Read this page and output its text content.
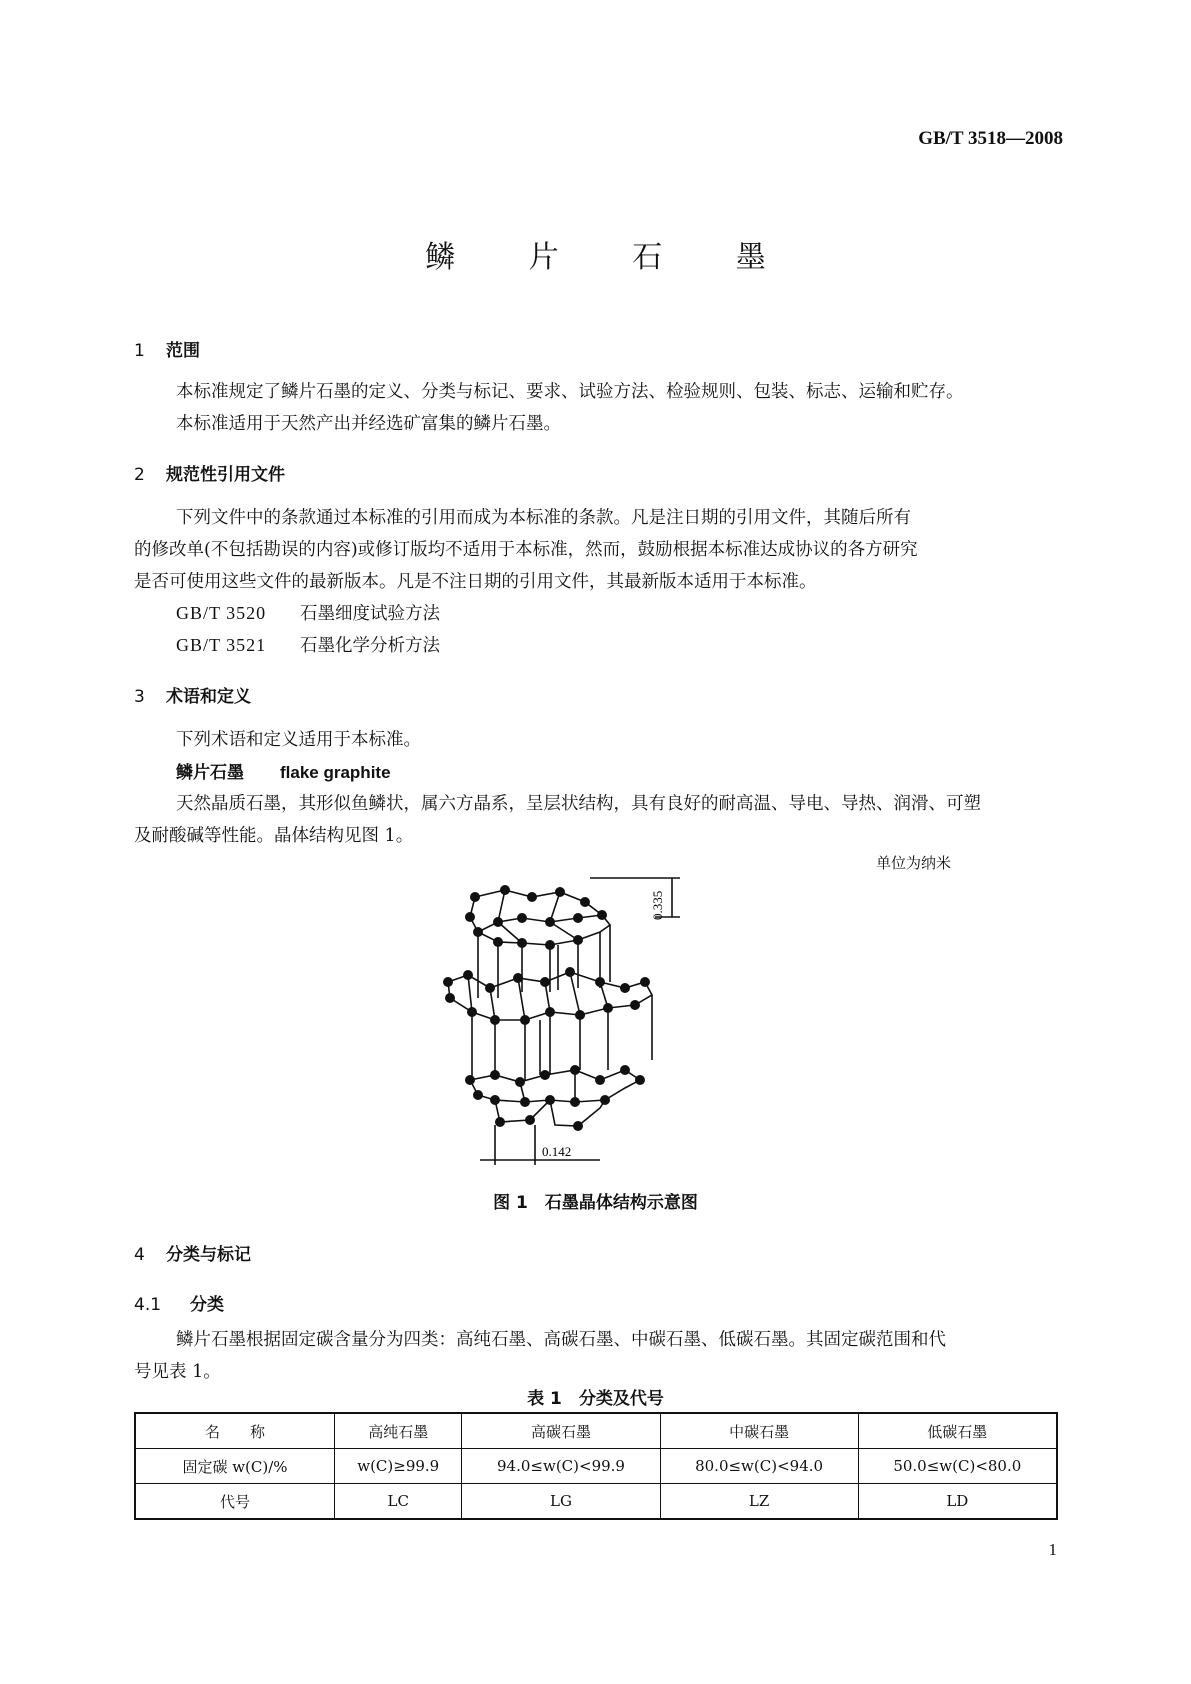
GB/T 3518—2008
鳞 片 石 墨
1 范围
本标准规定了鳞片石墨的定义、分类与标记、要求、试验方法、检验规则、包装、标志、运输和贮存。
本标准适用于天然产出并经选矿富集的鳞片石墨。
2 规范性引用文件
下列文件中的条款通过本标准的引用而成为本标准的条款。凡是注日期的引用文件，其随后所有
的修改单(不包括勘误的内容)或修订版均不适用于本标准，然而，鼓励根据本标准达成协议的各方研究
是否可使用这些文件的最新版本。凡是不注日期的引用文件，其最新版本适用于本标准。
GB/T 3520 石墨细度试验方法
GB/T 3521 石墨化学分析方法
3 术语和定义
下列术语和定义适用于本标准。
鳞片石墨 flake graphite
天然晶质石墨，其形似鱼鳞状，属六方晶系，呈层状结构，具有良好的耐高温、导电、导热、润滑、可塑
及耐酸碱等性能。晶体结构见图 1。
单位为纳米
0.335
0.142
图 1　石墨晶体结构示意图
4 分类与标记
4.1 分类
鳞片石墨根据固定碳含量分为四类：高纯石墨、高碳石墨、中碳石墨、低碳石墨。其固定碳范围和代
号见表 1。
表 1　分类及代号
名　　称	高纯石墨	高碳石墨	中碳石墨	低碳石墨
固定碳 w(C)/%	w(C)≥99.9	94.0≤w(C)<99.9	80.0≤w(C)<94.0	50.0≤w(C)<80.0
代号	LC	LG	LZ	LD
1
